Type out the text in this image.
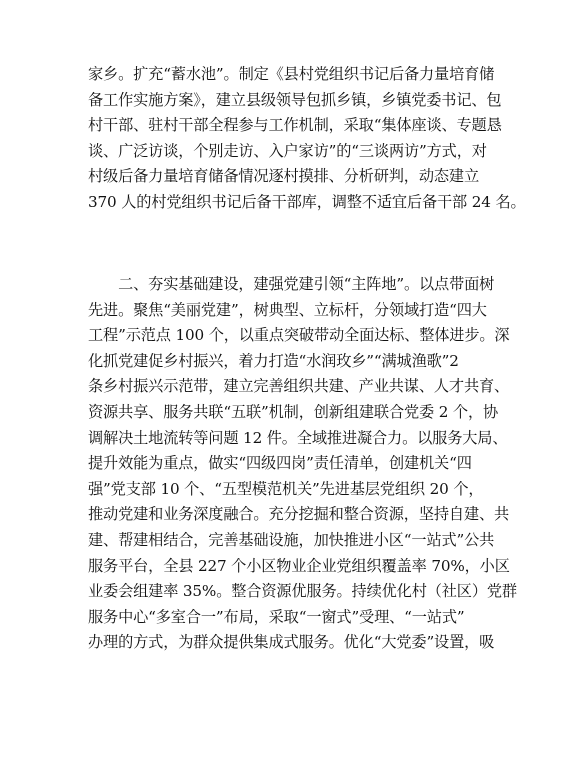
家乡。扩充“蓄水池”。制定《县村党组织书记后备力量培育储
备工作实施方案》，建立县级领导包抓乡镇，乡镇党委书记、包
村干部、驻村干部全程参与工作机制，采取“集体座谈、专题恳
谈、广泛访谈，个别走访、入户家访”的“三谈两访”方式，对
村级后备力量培育储备情况逐村摸排、分析研判，动态建立
370 人的村党组织书记后备干部库，调整不适宜后备干部 24 名。
　　二、夯实基础建设，建强党建引领“主阵地”。以点带面树
先进。聚焦“美丽党建”，树典型、立标杆，分领域打造“四大
工程”示范点 100 个，以重点突破带动全面达标、整体进步。深
化抓党建促乡村振兴，着力打造“水润玫乡”“满城渔歌”2
条乡村振兴示范带，建立完善组织共建、产业共谋、人才共育、
资源共享、服务共联“五联”机制，创新组建联合党委 2 个，协
调解决土地流转等问题 12 件。全域推进凝合力。以服务大局、
提升效能为重点，做实“四级四岗”责任清单，创建机关“四
强”党支部 10 个、“五型模范机关”先进基层党组织 20 个，
推动党建和业务深度融合。充分挖掘和整合资源，坚持自建、共
建、帮建相结合，完善基础设施，加快推进小区“一站式”公共
服务平台，全县 227 个小区物业企业党组织覆盖率 70%，小区
业委会组建率 35%。整合资源优服务。持续优化村（社区）党群
服务中心“多室合一”布局，采取“一窗式”受理、“一站式”
办理的方式，为群众提供集成式服务。优化“大党委”设置，吸
